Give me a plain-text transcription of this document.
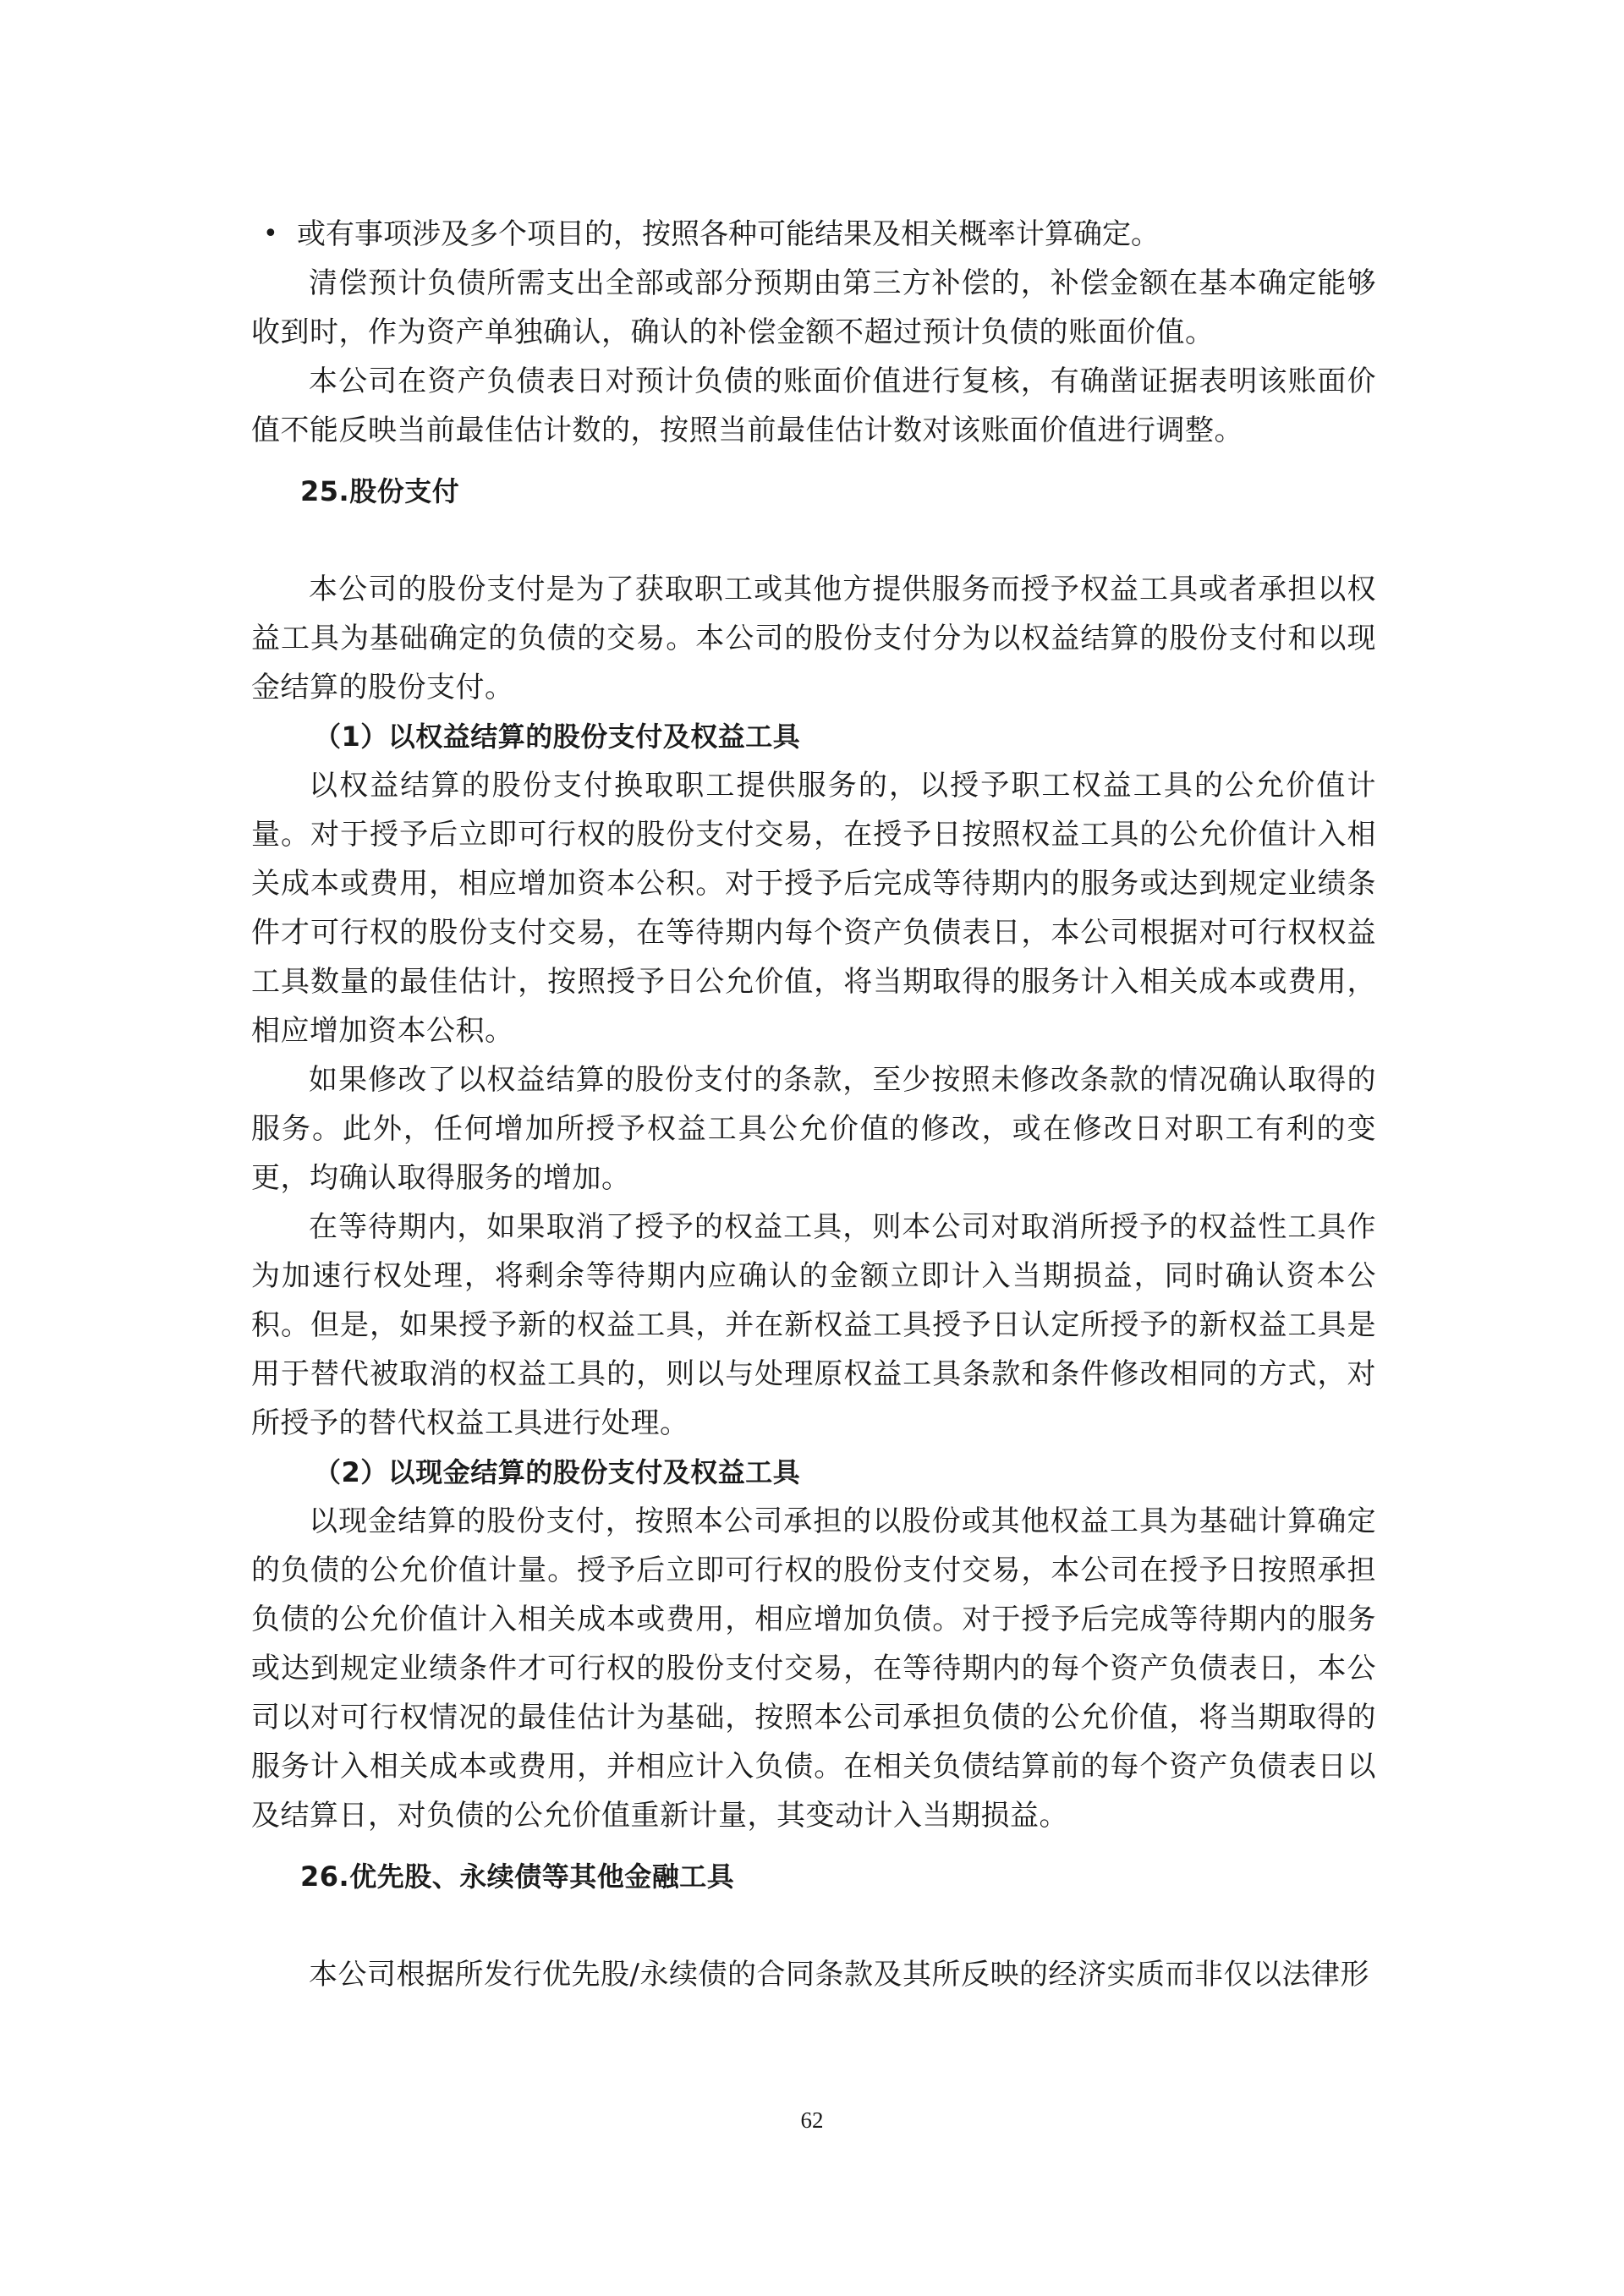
• 或有事项涉及多个项目的，按照各种可能结果及相关概率计算确定。

清偿预计负债所需支出全部或部分预期由第三方补偿的，补偿金额在基本确定能够收到时，作为资产单独确认，确认的补偿金额不超过预计负债的账面价值。

本公司在资产负债表日对预计负债的账面价值进行复核，有确凿证据表明该账面价值不能反映当前最佳估计数的，按照当前最佳估计数对该账面价值进行调整。

25.股份支付

本公司的股份支付是为了获取职工或其他方提供服务而授予权益工具或者承担以权益工具为基础确定的负债的交易。本公司的股份支付分为以权益结算的股份支付和以现金结算的股份支付。

（1）以权益结算的股份支付及权益工具

以权益结算的股份支付换取职工提供服务的，以授予职工权益工具的公允价值计量。对于授予后立即可行权的股份支付交易，在授予日按照权益工具的公允价值计入相关成本或费用，相应增加资本公积。对于授予后完成等待期内的服务或达到规定业绩条件才可行权的股份支付交易，在等待期内每个资产负债表日，本公司根据对可行权权益工具数量的最佳估计，按照授予日公允价值，将当期取得的服务计入相关成本或费用，相应增加资本公积。

如果修改了以权益结算的股份支付的条款，至少按照未修改条款的情况确认取得的服务。此外，任何增加所授予权益工具公允价值的修改，或在修改日对职工有利的变更，均确认取得服务的增加。

在等待期内，如果取消了授予的权益工具，则本公司对取消所授予的权益性工具作为加速行权处理，将剩余等待期内应确认的金额立即计入当期损益，同时确认资本公积。但是，如果授予新的权益工具，并在新权益工具授予日认定所授予的新权益工具是用于替代被取消的权益工具的，则以与处理原权益工具条款和条件修改相同的方式，对所授予的替代权益工具进行处理。

（2）以现金结算的股份支付及权益工具

以现金结算的股份支付，按照本公司承担的以股份或其他权益工具为基础计算确定的负债的公允价值计量。授予后立即可行权的股份支付交易，本公司在授予日按照承担负债的公允价值计入相关成本或费用，相应增加负债。对于授予后完成等待期内的服务或达到规定业绩条件才可行权的股份支付交易，在等待期内的每个资产负债表日，本公司以对可行权情况的最佳估计为基础，按照本公司承担负债的公允价值，将当期取得的服务计入相关成本或费用，并相应计入负债。在相关负债结算前的每个资产负债表日以及结算日，对负债的公允价值重新计量，其变动计入当期损益。

26.优先股、永续债等其他金融工具

本公司根据所发行优先股/永续债的合同条款及其所反映的经济实质而非仅以法律形

62
